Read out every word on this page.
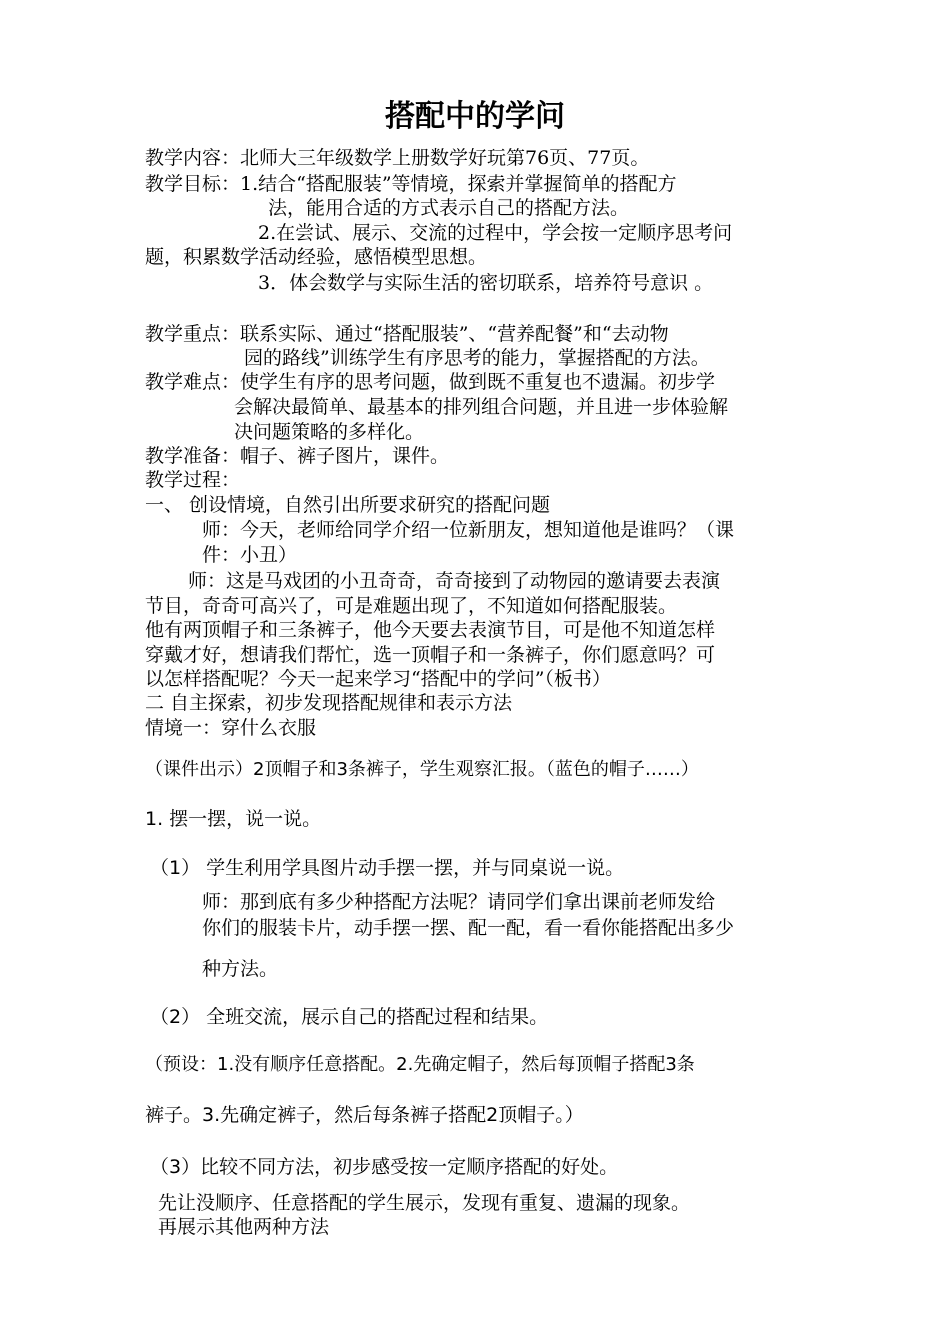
搭配中的学问
教学内容：北师大三年级数学上册数学好玩第76页、77页。
教学目标：1.结合“搭配服装”等情境，探索并掌握简单的搭配方
法，能用合适的方式表示自己的搭配方法。
2.在尝试、展示、交流的过程中，学会按一定顺序思考问
题，积累数学活动经验，感悟模型思想。
3．体会数学与实际生活的密切联系，培养符号意识 。
教学重点：联系实际、通过“搭配服装”、“营养配餐”和“去动物
园的路线”训练学生有序思考的能力，掌握搭配的方法。
教学难点：使学生有序的思考问题，做到既不重复也不遗漏。初步学
会解决最简单、最基本的排列组合问题，并且进一步体验解
决问题策略的多样化。
教学准备：帽子、裤子图片，课件。
教学过程：
一、 创设情境，自然引出所要求研究的搭配问题
师：今天，老师给同学介绍一位新朋友，想知道他是谁吗？（课
件：小丑）
师：这是马戏团的小丑奇奇，奇奇接到了动物园的邀请要去表演
节目，奇奇可高兴了，可是难题出现了，不知道如何搭配服装。
他有两顶帽子和三条裤子，他今天要去表演节目，可是他不知道怎样
穿戴才好，想请我们帮忙，选一顶帽子和一条裤子，你们愿意吗？可
以怎样搭配呢？今天一起来学习“搭配中的学问”（板书）
二 自主探索，初步发现搭配规律和表示方法
情境一：穿什么衣服
（课件出示）2顶帽子和3条裤子，学生观察汇报。（蓝色的帽子……）
1. 摆一摆，说一说。
（1） 学生利用学具图片动手摆一摆，并与同桌说一说。
师：那到底有多少种搭配方法呢？请同学们拿出课前老师发给
你们的服装卡片，动手摆一摆、配一配，看一看你能搭配出多少
种方法。
（2） 全班交流，展示自己的搭配过程和结果。
（预设：1.没有顺序任意搭配。2.先确定帽子，然后每顶帽子搭配3条
裤子。3.先确定裤子，然后每条裤子搭配2顶帽子。）
（3）比较不同方法，初步感受按一定顺序搭配的好处。
先让没顺序、任意搭配的学生展示，发现有重复、遗漏的现象。
再展示其他两种方法
